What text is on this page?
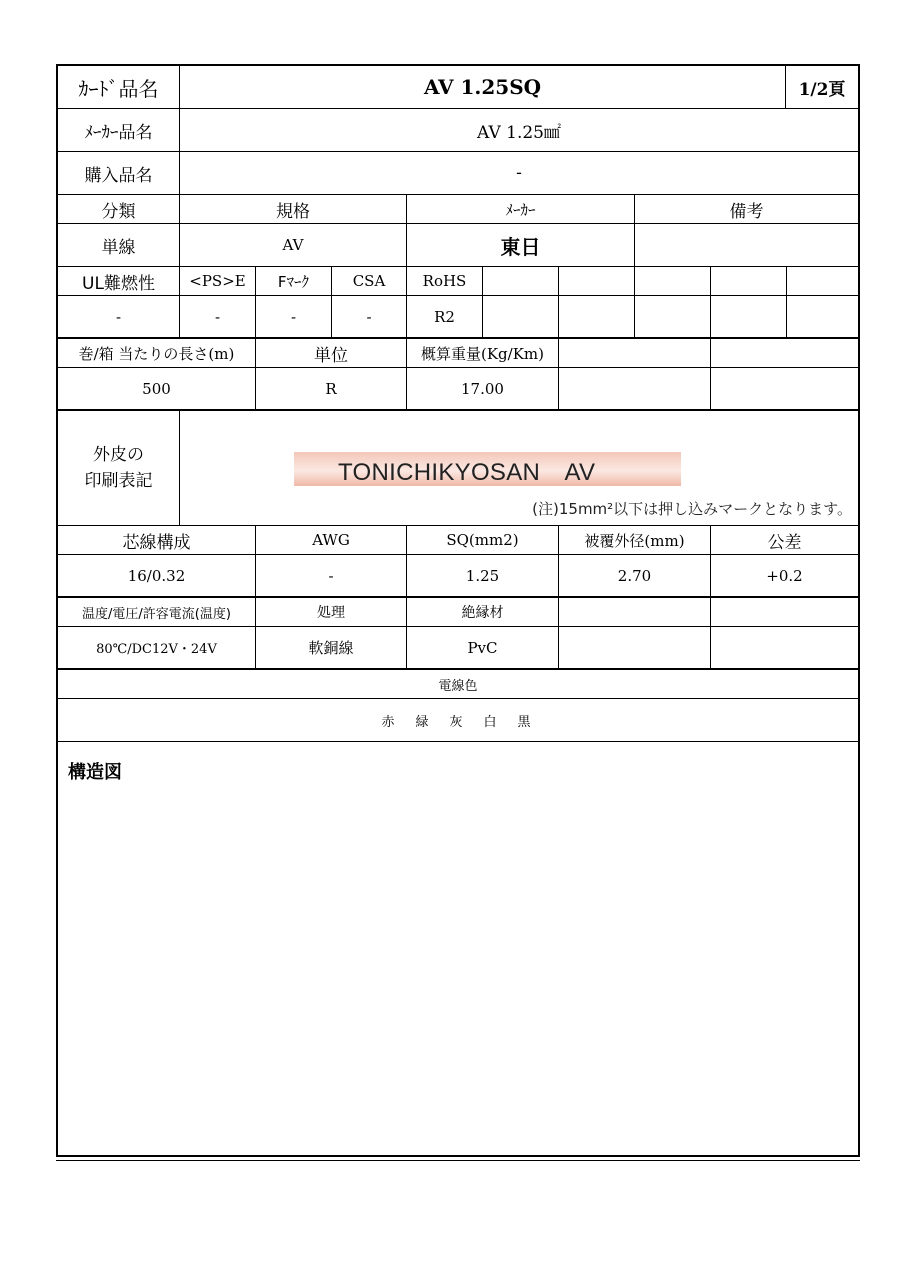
ｶｰﾄﾞ品名	AV 1.25SQ	1/2頁
ﾒｰｶｰ品名	AV 1.25㎟
購入品名	-
分類	規格	ﾒｰｶｰ	備考
単線	AV	東日
UL難燃性	<PS>E	Fﾏｰｸ	CSA	RoHS
-	-	-	-	R2
巻/箱 当たりの長さ(m)	単位	概算重量(Kg/Km)
500	R	17.00
外皮の
印刷表記	TONICHIKYOSAN　AV
(注)15mm²以下は押し込みマークとなります。
芯線構成	AWG	SQ(mm2)	被覆外径(mm)	公差
16/0.32	-	1.25	2.70	+0.2
温度/電圧/許容電流(温度)	処理	絶縁材
80℃/DC12V・24V	軟銅線	PvC
電線色
赤　緑　灰　白　黒
構造図
